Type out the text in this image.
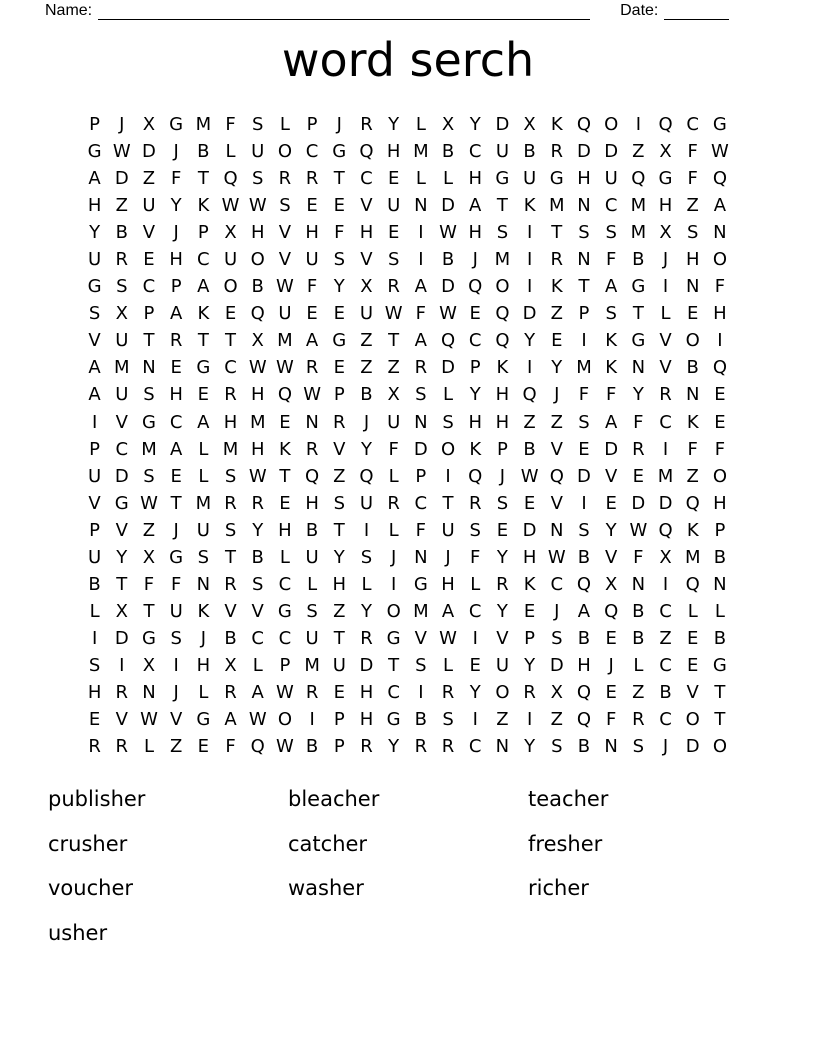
Name:	Date:
word serch
P	J	X G M F S L P	J	R Y L X Y D X K Q O I Q C G
G W D J	B L U O C G Q H M B C U B R D D Z X F W
A D Z F T Q S R R T C E L L H G U G H U Q G F Q
H Z U Y K W W S E E V U N D A T K M N C M H Z A
Y B V	J	P X H V H F H E	I W H S	I	T S S M X S N
U R E H C U O V U S V S	I	B	J M I	R N F B	J H O
G S C P A O B W F Y X R A D Q O I	K T A G I N F
S X P A K E Q U E E U W F W E Q D Z P S T L E H
V U T R T T X M A G Z T A Q C Q Y E	I	K G V O I
A M N E G C W W R E Z Z R D P K	I	Y M K N V B Q
A U S H E R H Q W P B X S L Y H Q J	F F Y R N E
I	V G C A H M E N R	J U N S H H Z Z S A F C K E
P C M A L M H K R V Y F D O K P B V E D R	I	F F
U D S E L S W T Q Z Q L P	I Q J W Q D V E M Z O
V G W T M R R E H S U R C T R S E V	I	E D D Q H
P V Z	J U S Y H B T	I	L F U S E D N S Y W Q K P
U Y X G S T B L U Y S	J N J	F Y H W B V F X M B
B T F F N R S C L H L	I G H L R K C Q X N I Q N
L X T U K V V G S Z Y O M A C Y E	J	A Q B C L L
I D G S	J	B C C U T R G V W I	V P S B E B Z E B
S	I	X	I H X L P M U D T S L E U Y D H J	L C E G
H R N J	L R A W R E H C	I	R Y O R X Q E Z B V T
E V W V G A W O I	P H G B S	I	Z	I	Z Q F R C O T
R R L Z E F Q W B P R Y R R C N Y S B N S	J D O
publisher
crusher
voucher
usher
bleacher
catcher
washer
teacher
fresher
richer
